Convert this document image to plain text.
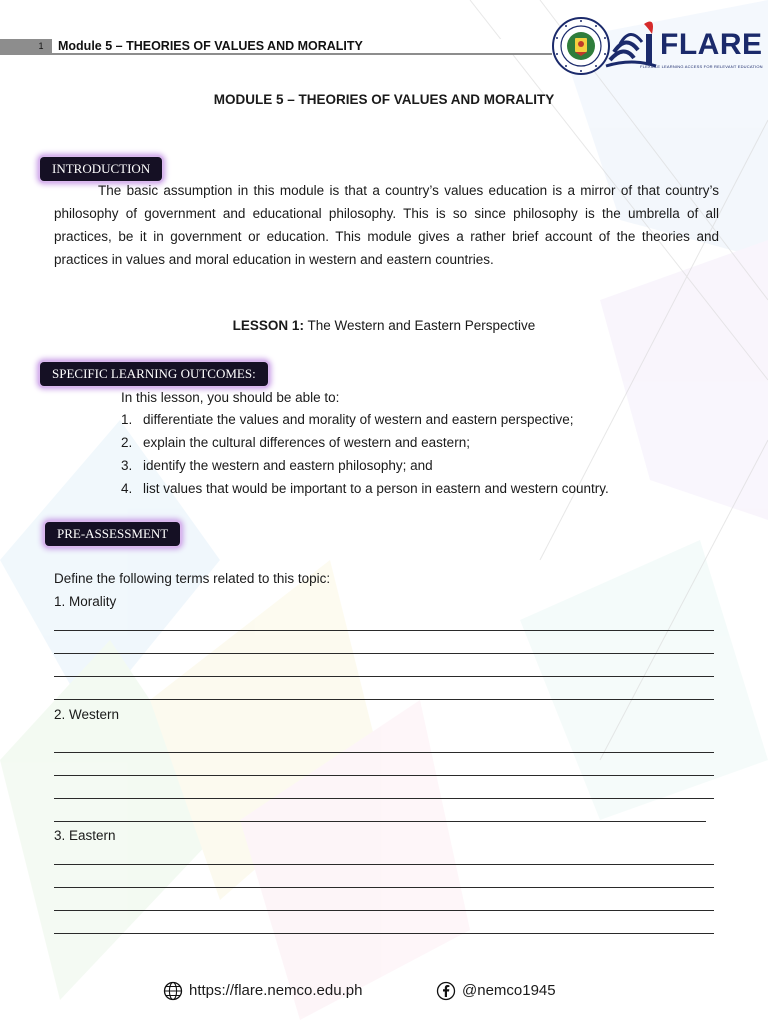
1	Module 5 – THEORIES OF VALUES AND MORALITY	FLARE
FLEXIBLE LEARNING ACCESS FOR RELEVANT EDUCATION
MODULE 5 – THEORIES OF VALUES AND MORALITY
INTRODUCTION
The basic assumption in this module is that a country’s values education is a mirror of that country’s philosophy of government and educational philosophy. This is so since philosophy is the umbrella of all practices, be it in government or education. This module gives a rather brief account of the theories and practices in values and moral education in western and eastern countries.
LESSON 1: The Western and Eastern Perspective
SPECIFIC LEARNING OUTCOMES:
In this lesson, you should be able to:
1. differentiate the values and morality of western and eastern perspective;
2. explain the cultural differences of western and eastern;
3. identify the western and eastern philosophy; and
4. list values that would be important to a person in eastern and western country.
PRE-ASSESSMENT
Define the following terms related to this topic:
1. Morality
2. Western
3. Eastern
https://flare.nemco.edu.ph	@nemco1945
